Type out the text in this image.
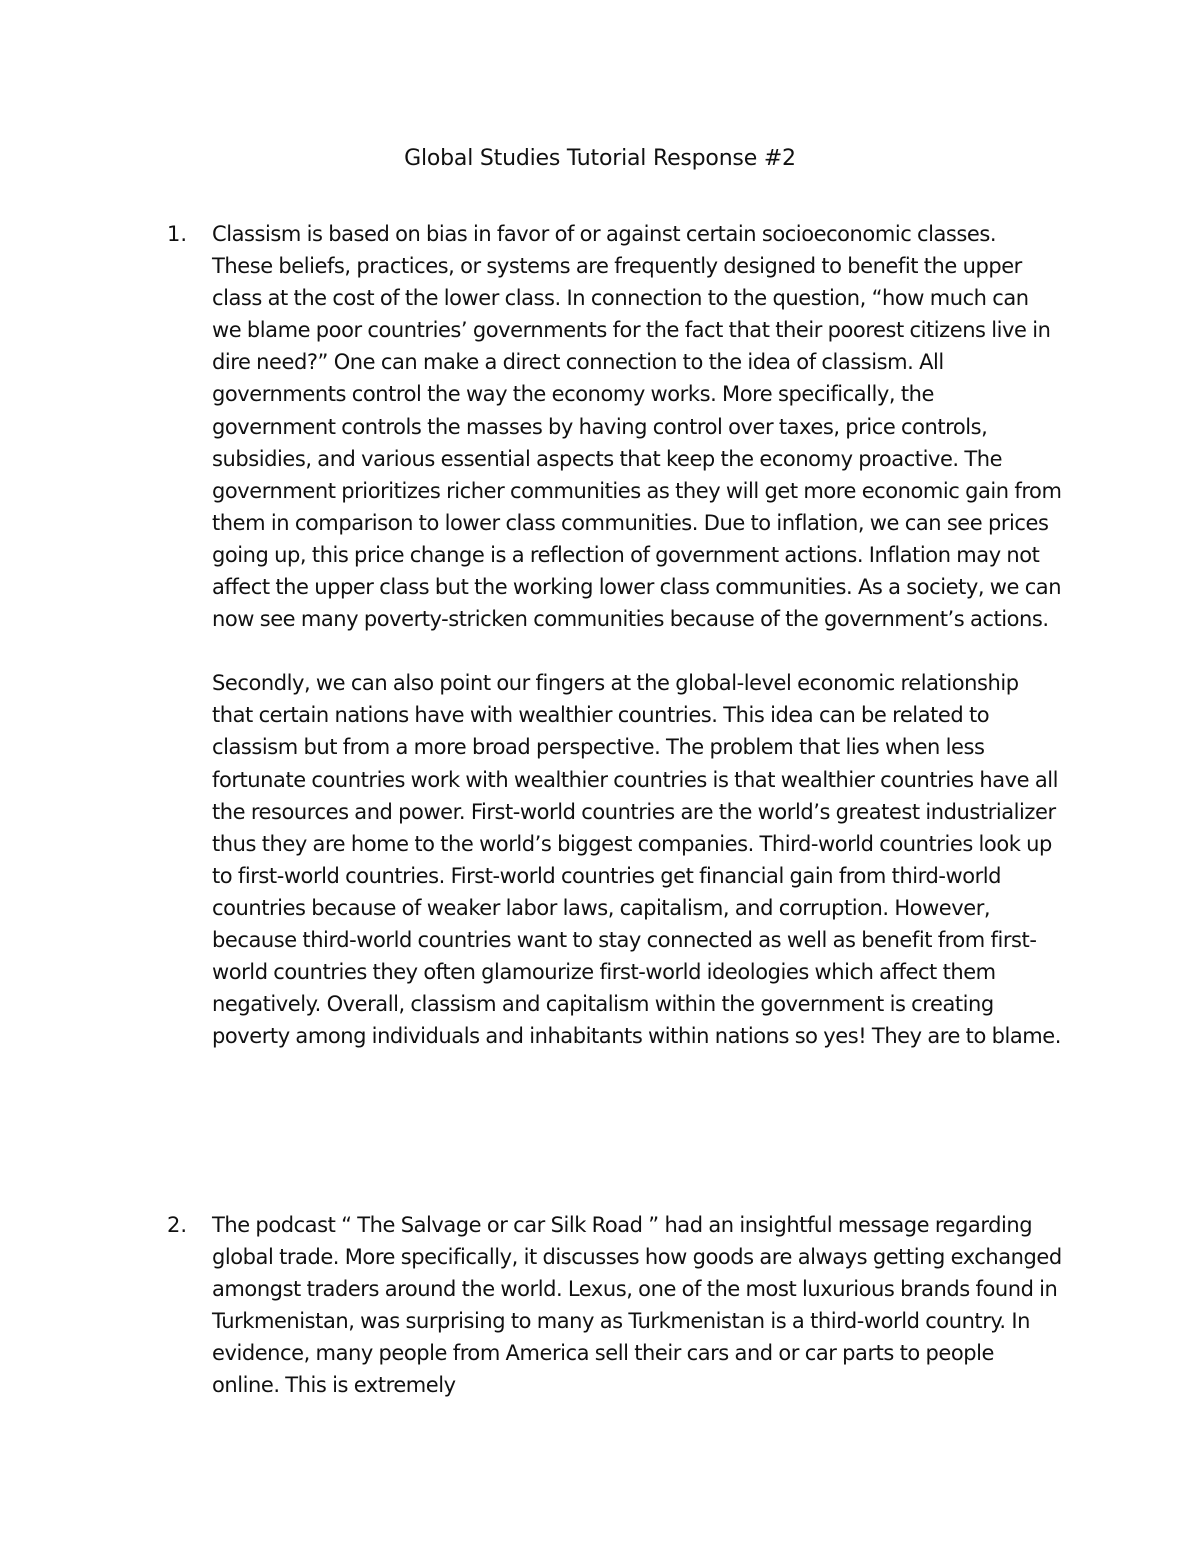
Global Studies Tutorial Response #2
1. Classism is based on bias in favor of or against certain socioeconomic classes. These beliefs, practices, or systems are frequently designed to benefit the upper class at the cost of the lower class. In connection to the question, “how much can we blame poor countries’ governments for the fact that their poorest citizens live in dire need?” One can make a direct connection to the idea of classism. All governments control the way the economy works. More specifically, the government controls the masses by having control over taxes, price controls, subsidies, and various essential aspects that keep the economy proactive. The government prioritizes richer communities as they will get more economic gain from them in comparison to lower class communities. Due to inflation, we can see prices going up, this price change is a reflection of government actions. Inflation may not affect the upper class but the working lower class communities. As a society, we can now see many poverty-stricken communities because of the government’s actions.

Secondly, we can also point our fingers at the global-level economic relationship that certain nations have with wealthier countries. This idea can be related to classism but from a more broad perspective. The problem that lies when less fortunate countries work with wealthier countries is that wealthier countries have all the resources and power. First-world countries are the world’s greatest industrializer thus they are home to the world’s biggest companies. Third-world countries look up to first-world countries. First-world countries get financial gain from third-world countries because of weaker labor laws, capitalism, and corruption. However, because third-world countries want to stay connected as well as benefit from first-world countries they often glamourize first-world ideologies which affect them negatively. Overall, classism and capitalism within the government is creating poverty among individuals and inhabitants within nations so yes! They are to blame.

2. The podcast “ The Salvage or car Silk Road ” had an insightful message regarding global trade. More specifically, it discusses how goods are always getting exchanged amongst traders around the world. Lexus, one of the most luxurious brands found in Turkmenistan, was surprising to many as Turkmenistan is a third-world country. In evidence, many people from America sell their cars and or car parts to people online. This is extremely
